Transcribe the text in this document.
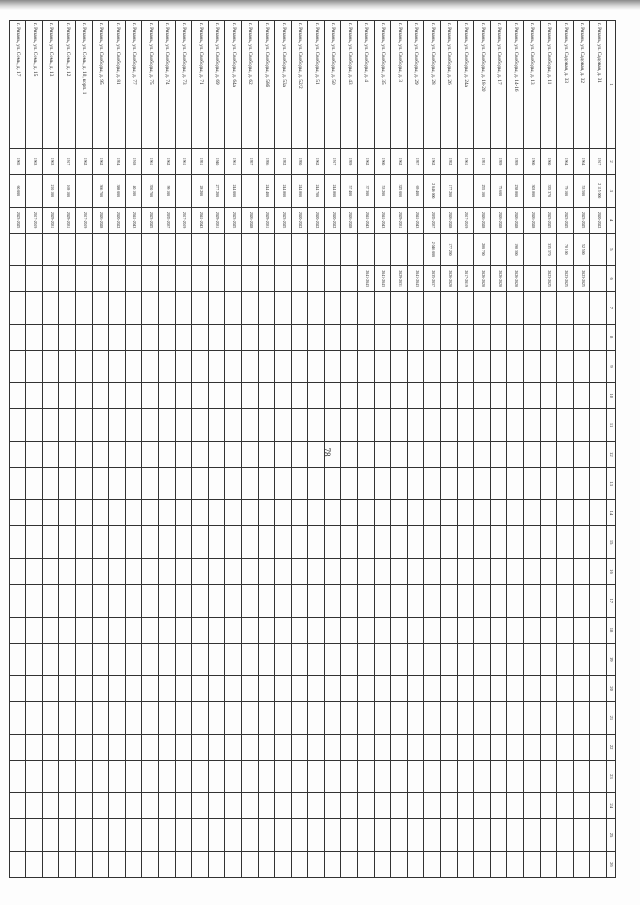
78
1	2	3	4	5	6	7	8	9	10	11	12	13	14	15	16	17	18	19	20	21	22	23	24	25	26
г. Рязань, ул. Садовая, д. 31	1917	2 115 000	2020-2022																						
г. Рязань, ул. Садовая, д. 32	1964	53 500	2023-2025	52 500	2023-2025																				
г. Рязань, ул. Садовая, д. 33	1964	79 100	2023-2025	78 100	2023-2025																				
г. Рязань, ул. Свободы, д. 11	1960	335 370	2023-2025	335 370	2023-2025																				
г. Рязань, ул. Свободы, д. 13	1960	303 800	2026-2028																						
г. Рязань, ул. Свободы, д. 14-16	1959	238 800	2026-2028	198 300	2026-2028																				
г. Рязань, ул. Свободы, д. 17	1959	75 600	2026-2028		2026-2028																				
г. Рязань, ул. Свободы, д. 18-20	1951	255 100	2026-2028	280 700	2026-2028																				
г. Рязань, ул. Свободы, д. 24а	1961		2017-2019		2017-2019																				
г. Рязань, ул. Свободы, д. 26	1952	177 200	2026-2028	177 200	2026-2028																				
г. Рязань, ул. Свободы, д. 28	1962	2 046 000	2035-2037	2 046 000	2035-2037																				
г. Рязань, ул. Свободы, д. 29	1957	69 400	2041-2043		2041-2043																				
г. Рязань, ул. Свободы, д. 3	1962	325 000	2029-2031		2029-2031																				
г. Рязань, ул. Свободы, д. 35	1960	53 200	2041-2043		2041-2043																				
г. Рязань, ул. Свободы, д. 4	1962	37 300	2041-2043		2041-2043																				
г. Рязань, ул. Свободы, д. 43	1959	57 400	2026-2028																						
г. Рязань, ул. Свободы, д. 50	1917	244 800	2020-2022																						
г. Рязань, ул. Свободы, д. 51	1962	244 700	2020-2022																						
г. Рязань, ул. Свободы, д. 52/2	1950	244 800	2020-2022																						
г. Рязань, ул. Свободы, д. 53а	1952	244 800	2023-2025																						
г. Рязань, ул. Свободы, д. 58б	1956	244 400	2029-2031																						
г. Рязань, ул. Свободы, д. 62	1957		2026-2028																						
г. Рязань, ул. Свободы, д. 64а	1961	244 000	2023-2025																						
г. Рязань, ул. Свободы, д. 69	1940	277 200	2029-2031																						
г. Рязань, ул. Свободы, д. 71	1951	28 200	2041-2043																						
г. Рязань, ул. Свободы, д. 73	1961		2017-2019																						
г. Рязань, ул. Свободы, д. 74	1962	99 100	2035-2037																						
г. Рязань, ул. Свободы, д. 75	1961	350 700	2023-2025																						
г. Рязань, ул. Свободы, д. 77	1918	40 100	2041-2043																						
г. Рязань, ул. Свободы, д. 81	1954	388 000	2020-2022																						
г. Рязань, ул. Свободы, д. 95	1962	366 700	2026-2028																						
г. Рязань, ул. Семь, д. 10, корп. 1	1962		2017-2019																						
г. Рязань, ул. Семь, д. 12	1917	169 100	2029-2031																						
г. Рязань, ул. Семь, д. 13	1963	210 100	2029-2031																						
г. Рязань, ул. Семь, д. 15	1963		2017-2019																						
г. Рязань, ул. Семь, д. 17	1965	60 000	2023-2025																						
